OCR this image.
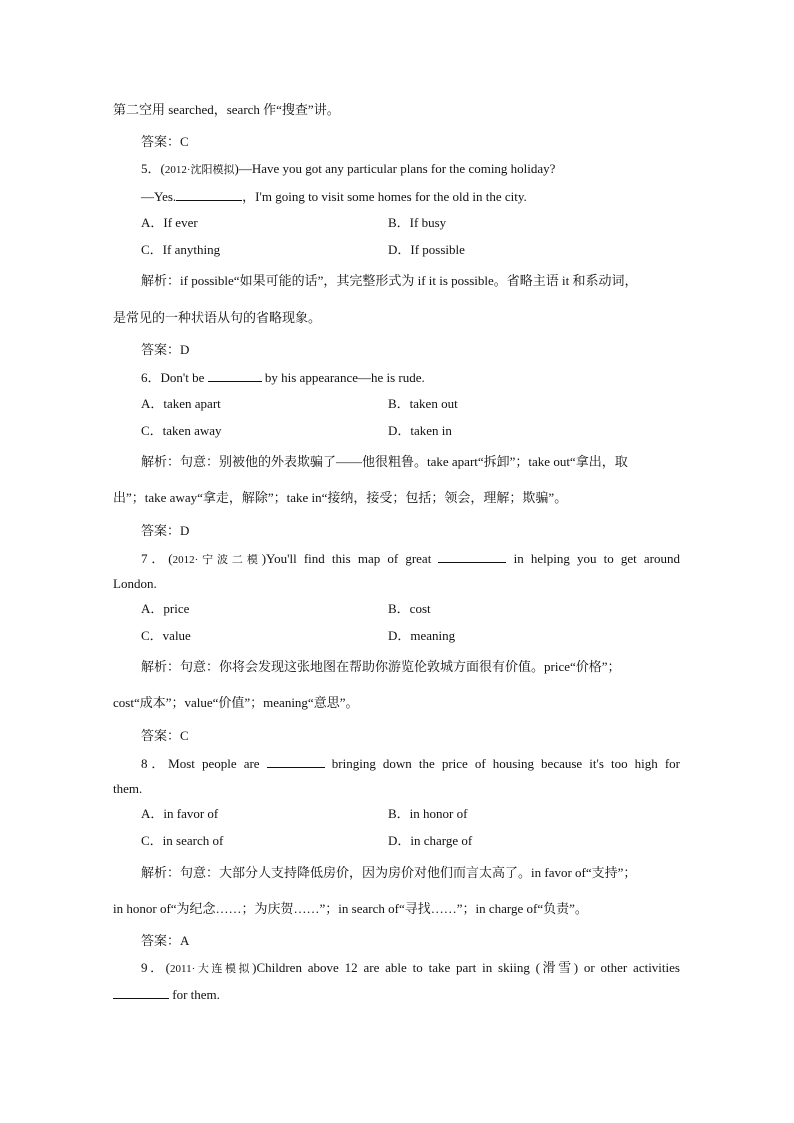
第二空用 searched，search 作“搜查”讲。
答案：C
5．(2012·沈阳模拟)—Have you got any particular plans for the coming holiday?
—Yes.	，I'm going to visit some homes for the old in the city.
A．If ever	B．If busy
C．If anything	D．If possible
解析：if possible“如果可能的话”，其完整形式为 if it is possible。省略主语 it 和系动词，
是常见的一种状语从句的省略现象。
答案：D
6．Don't be	by his appearance—he is rude.
A．taken apart	B．taken out
C．taken away	D．taken in
解析：句意：别被他的外表欺骗了——他很粗鲁。take apart“拆卸”；take out“拿出，取
出”；take away“拿走，解除”；take in“接纳，接受；包括；领会，理解；欺骗”。
答案：D
7．(2012·宁波二模)You'll find this map of great	in helping you to get around
London.
A．price	B．cost
C．value	D．meaning
解析：句意：你将会发现这张地图在帮助你游览伦敦城方面很有价值。price“价格”；
cost“成本”；value“价值”；meaning“意思”。
答案：C
8．Most people are	bringing down the price of housing because it's too high for
them.
A．in favor of	B．in honor of
C．in search of	D．in charge of
解析：句意：大部分人支持降低房价，因为房价对他们而言太高了。in favor of“支持”；
in honor of“为纪念……；为庆贺……”；in search of“寻找……”；in charge of“负责”。
答案：A
9．(2011·大连模拟)Children above 12 are able to take part in skiing (滑雪) or other activities
for them.
